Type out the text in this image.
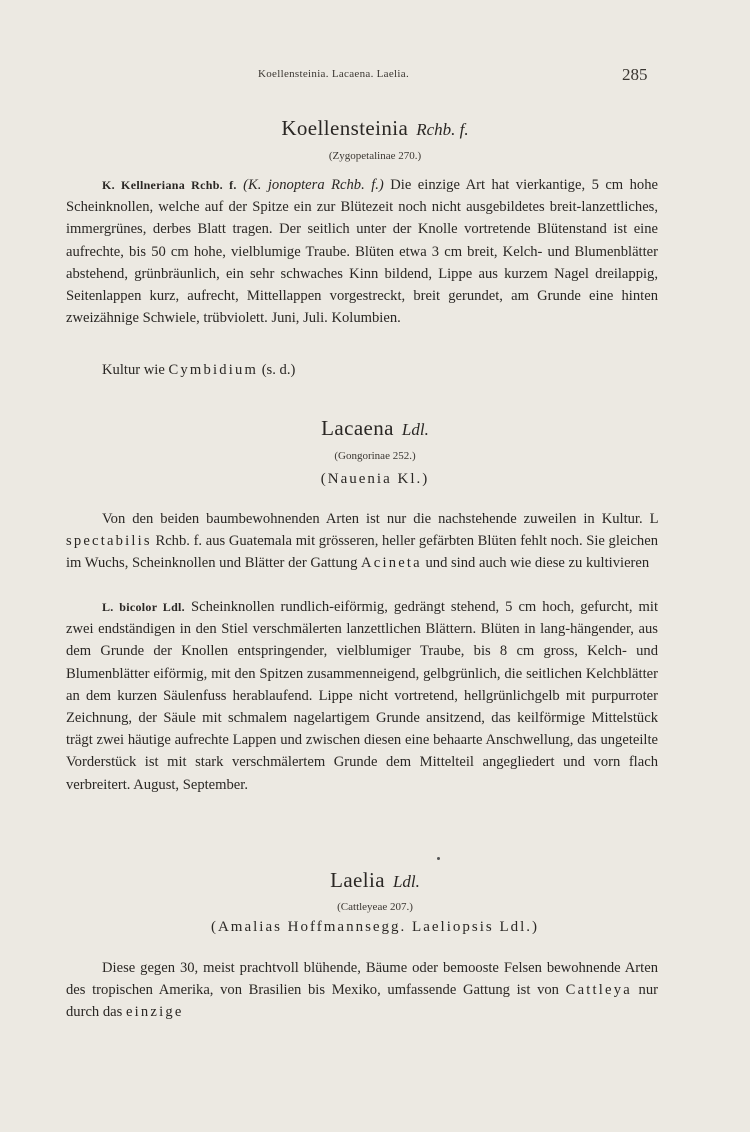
Koellensteinia. Lacaena. Laelia.	285
Koellensteinia Rchb. f.
(Zygopetalinae 270.)

K. Kellneriana Rchb. f. (K. jonoptera Rchb. f.) Die einzige Art hat vierkantige, 5 cm hohe Scheinknollen, welche auf der Spitze ein zur Blütezeit noch nicht ausgebildetes breit-lanzettliches, immergrünes, derbes Blatt tragen. Der seitlich unter der Knolle vortretende Blütenstand ist eine aufrechte, bis 50 cm hohe, vielblumige Traube. Blüten etwa 3 cm breit, Kelch- und Blumenblätter abstehend, grünbräunlich, ein sehr schwaches Kinn bildend, Lippe aus kurzem Nagel dreilappig, Seitenlappen kurz, aufrecht, Mittellappen vorgestreckt, breit gerundet, am Grunde eine hinten zweizähnige Schwiele, trübviolett. Juni, Juli. Kolumbien.

Kultur wie Cymbidium (s. d.)
Lacaena Ldl.
(Gongorinae 252.)
(Nauenia Kl.)

Von den beiden baumbewohnenden Arten ist nur die nachstehende zuweilen in Kultur. L spectabilis Rchb. f. aus Guatemala mit grösseren, heller gefärbten Blüten fehlt noch. Sie gleichen im Wuchs, Scheinknollen und Blätter der Gattung Acineta und sind auch wie diese zu kultivieren

L. bicolor Ldl. Scheinknollen rundlich-eiförmig, gedrängt stehend, 5 cm hoch, gefurcht, mit zwei endständigen in den Stiel verschmälerten lanzettlichen Blättern. Blüten in lang-hängender, aus dem Grunde der Knollen entspringender, vielblumiger Traube, bis 8 cm gross, Kelch- und Blumenblätter eiförmig, mit den Spitzen zusammenneigend, gelbgrünlich, die seitlichen Kelchblätter an dem kurzen Säulenfuss herablaufend. Lippe nicht vortretend, hellgrünlichgelb mit purpurroter Zeichnung, der Säule mit schmalem nagelartigem Grunde ansitzend, das keilförmige Mittelstück trägt zwei häutige aufrechte Lappen und zwischen diesen eine behaarte Anschwellung, das ungeteilte Vorderstück ist mit stark verschmälertem Grunde dem Mittelteil angegliedert und vorn flach verbreitert. August, September.

Laelia Ldl.
(Cattleyeae 207.)
(Amalias Hoffmannsegg. Laeliopsis Ldl.)

Diese gegen 30, meist prachtvoll blühende, Bäume oder bemooste Felsen bewohnende Arten des tropischen Amerika, von Brasilien bis Mexiko, umfassende Gattung ist von Cattleya nur durch das einzige
